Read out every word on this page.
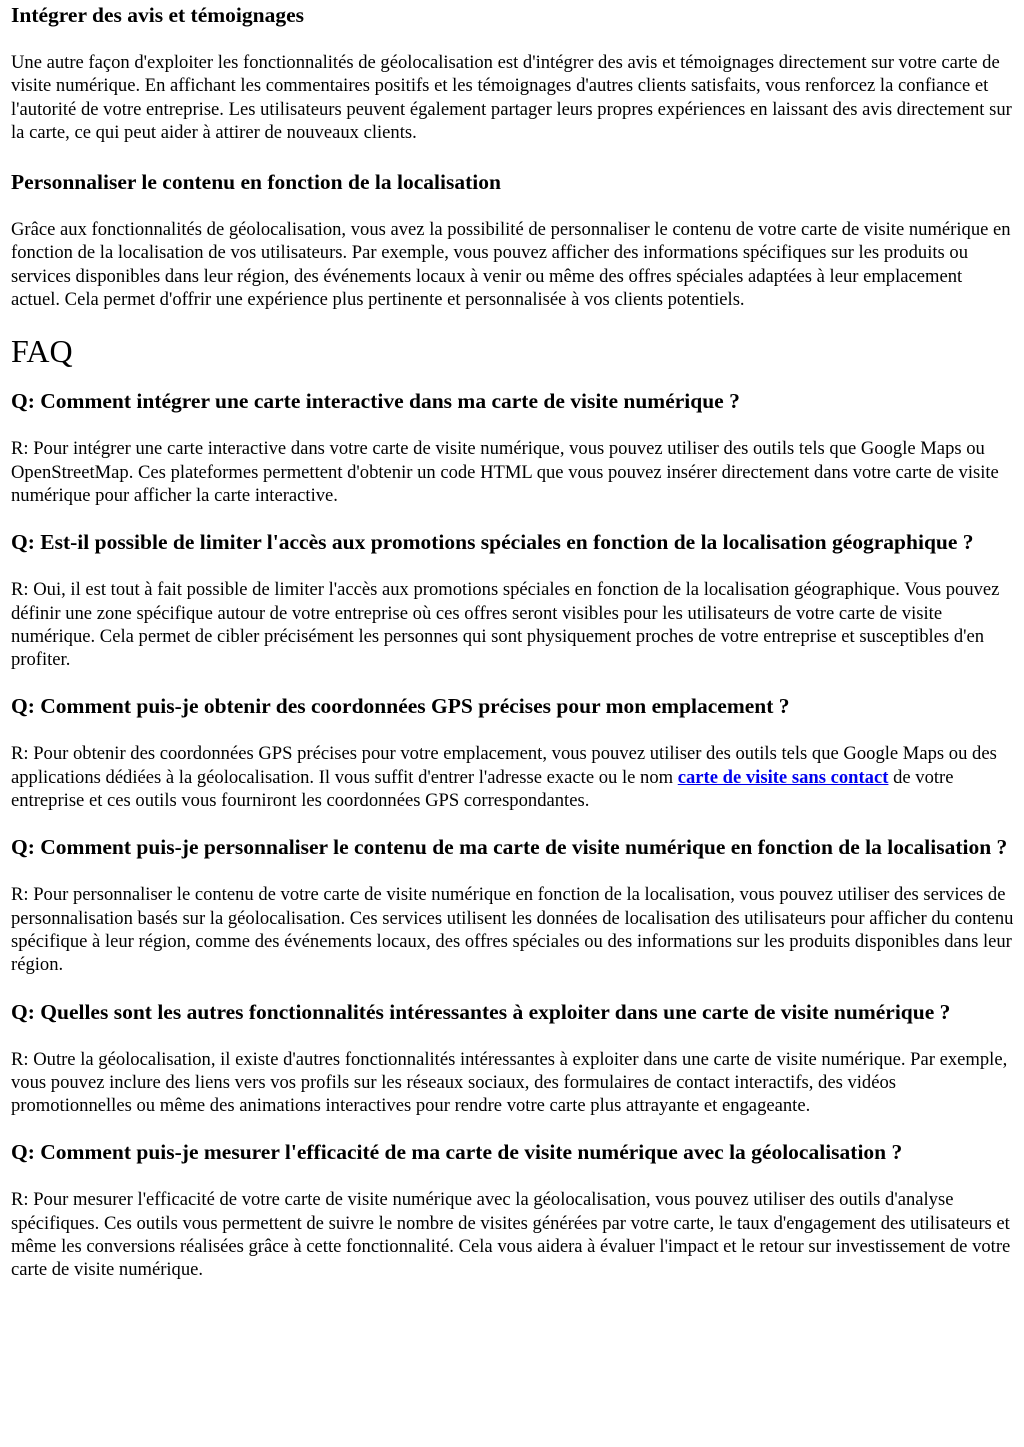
Intégrer des avis et témoignages

Une autre façon d'exploiter les fonctionnalités de géolocalisation est d'intégrer des avis et témoignages directement sur votre carte de visite numérique. En affichant les commentaires positifs et les témoignages d'autres clients satisfaits, vous renforcez la confiance et l'autorité de votre entreprise. Les utilisateurs peuvent également partager leurs propres expériences en laissant des avis directement sur la carte, ce qui peut aider à attirer de nouveaux clients.

Personnaliser le contenu en fonction de la localisation

Grâce aux fonctionnalités de géolocalisation, vous avez la possibilité de personnaliser le contenu de votre carte de visite numérique en fonction de la localisation de vos utilisateurs. Par exemple, vous pouvez afficher des informations spécifiques sur les produits ou services disponibles dans leur région, des événements locaux à venir ou même des offres spéciales adaptées à leur emplacement actuel. Cela permet d'offrir une expérience plus pertinente et personnalisée à vos clients potentiels.

FAQ
Q: Comment intégrer une carte interactive dans ma carte de visite numérique ?

R: Pour intégrer une carte interactive dans votre carte de visite numérique, vous pouvez utiliser des outils tels que Google Maps ou OpenStreetMap. Ces plateformes permettent d'obtenir un code HTML que vous pouvez insérer directement dans votre carte de visite numérique pour afficher la carte interactive.

Q: Est-il possible de limiter l'accès aux promotions spéciales en fonction de la localisation géographique ?

R: Oui, il est tout à fait possible de limiter l'accès aux promotions spéciales en fonction de la localisation géographique. Vous pouvez définir une zone spécifique autour de votre entreprise où ces offres seront visibles pour les utilisateurs de votre carte de visite numérique. Cela permet de cibler précisément les personnes qui sont physiquement proches de votre entreprise et susceptibles d'en profiter.

Q: Comment puis-je obtenir des coordonnées GPS précises pour mon emplacement ?

R: Pour obtenir des coordonnées GPS précises pour votre emplacement, vous pouvez utiliser des outils tels que Google Maps ou des applications dédiées à la géolocalisation. Il vous suffit d'entrer l'adresse exacte ou le nom carte de visite sans contact de votre entreprise et ces outils vous fourniront les coordonnées GPS correspondantes.

Q: Comment puis-je personnaliser le contenu de ma carte de visite numérique en fonction de la localisation ?

R: Pour personnaliser le contenu de votre carte de visite numérique en fonction de la localisation, vous pouvez utiliser des services de personnalisation basés sur la géolocalisation. Ces services utilisent les données de localisation des utilisateurs pour afficher du contenu spécifique à leur région, comme des événements locaux, des offres spéciales ou des informations sur les produits disponibles dans leur région.

Q: Quelles sont les autres fonctionnalités intéressantes à exploiter dans une carte de visite numérique ?

R: Outre la géolocalisation, il existe d'autres fonctionnalités intéressantes à exploiter dans une carte de visite numérique. Par exemple, vous pouvez inclure des liens vers vos profils sur les réseaux sociaux, des formulaires de contact interactifs, des vidéos promotionnelles ou même des animations interactives pour rendre votre carte plus attrayante et engageante.

Q: Comment puis-je mesurer l'efficacité de ma carte de visite numérique avec la géolocalisation ?

R: Pour mesurer l'efficacité de votre carte de visite numérique avec la géolocalisation, vous pouvez utiliser des outils d'analyse spécifiques. Ces outils vous permettent de suivre le nombre de visites générées par votre carte, le taux d'engagement des utilisateurs et même les conversions réalisées grâce à cette fonctionnalité. Cela vous aidera à évaluer l'impact et le retour sur investissement de votre carte de visite numérique.
